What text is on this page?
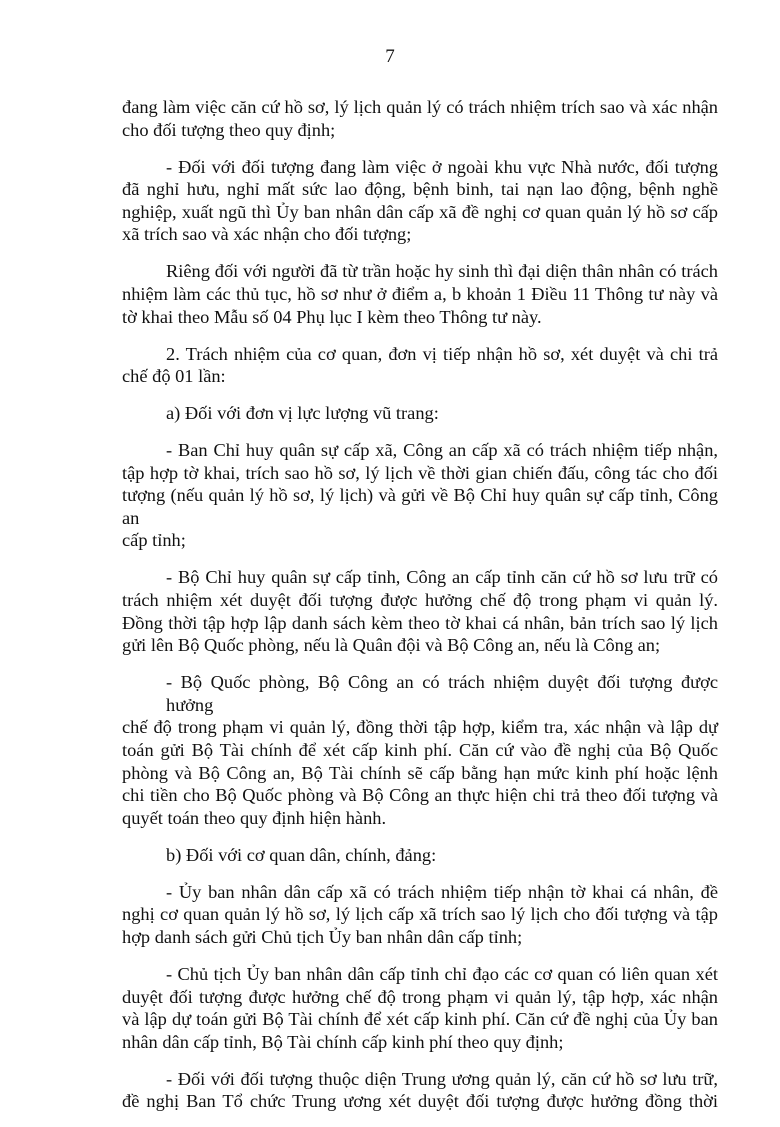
7

đang làm việc căn cứ hồ sơ, lý lịch quản lý có trách nhiệm trích sao và xác nhận
cho đối tượng theo quy định;

- Đối với đối tượng đang làm việc ở ngoài khu vực Nhà nước, đối tượng
đã nghỉ hưu, nghỉ mất sức lao động, bệnh binh, tai nạn lao động, bệnh nghề
nghiệp, xuất ngũ thì Ủy ban nhân dân cấp xã đề nghị cơ quan quản lý hồ sơ cấp
xã trích sao và xác nhận cho đối tượng;

Riêng đối với người đã từ trần hoặc hy sinh thì đại diện thân nhân có trách
nhiệm làm các thủ tục, hồ sơ như ở điểm a, b khoản 1 Điều 11 Thông tư này và
tờ khai theo Mẫu số 04 Phụ lục I kèm theo Thông tư này.

2. Trách nhiệm của cơ quan, đơn vị tiếp nhận hồ sơ, xét duyệt và chi trả
chế độ 01 lần:

a) Đối với đơn vị lực lượng vũ trang:

- Ban Chỉ huy quân sự cấp xã, Công an cấp xã có trách nhiệm tiếp nhận,
tập hợp tờ khai, trích sao hồ sơ, lý lịch về thời gian chiến đấu, công tác cho đối
tượng (nếu quản lý hồ sơ, lý lịch) và gửi về Bộ Chỉ huy quân sự cấp tỉnh, Công an
cấp tỉnh;

- Bộ Chỉ huy quân sự cấp tỉnh, Công an cấp tỉnh căn cứ hồ sơ lưu trữ có
trách nhiệm xét duyệt đối tượng được hưởng chế độ trong phạm vi quản lý.
Đồng thời tập hợp lập danh sách kèm theo tờ khai cá nhân, bản trích sao lý lịch
gửi lên Bộ Quốc phòng, nếu là Quân đội và Bộ Công an, nếu là Công an;

- Bộ Quốc phòng, Bộ Công an có trách nhiệm duyệt đối tượng được hưởng
chế độ trong phạm vi quản lý, đồng thời tập hợp, kiểm tra, xác nhận và lập dự
toán gửi Bộ Tài chính để xét cấp kinh phí. Căn cứ vào đề nghị của Bộ Quốc
phòng và Bộ Công an, Bộ Tài chính sẽ cấp bằng hạn mức kinh phí hoặc lệnh
chi tiền cho Bộ Quốc phòng và Bộ Công an thực hiện chi trả theo đối tượng và
quyết toán theo quy định hiện hành.

b) Đối với cơ quan dân, chính, đảng:

- Ủy ban nhân dân cấp xã có trách nhiệm tiếp nhận tờ khai cá nhân, đề
nghị cơ quan quản lý hồ sơ, lý lịch cấp xã trích sao lý lịch cho đối tượng và tập
hợp danh sách gửi Chủ tịch Ủy ban nhân dân cấp tỉnh;

- Chủ tịch Ủy ban nhân dân cấp tỉnh chỉ đạo các cơ quan có liên quan xét
duyệt đối tượng được hưởng chế độ trong phạm vi quản lý, tập hợp, xác nhận
và lập dự toán gửi Bộ Tài chính để xét cấp kinh phí. Căn cứ đề nghị của Ủy ban
nhân dân cấp tỉnh, Bộ Tài chính cấp kinh phí theo quy định;

- Đối với đối tượng thuộc diện Trung ương quản lý, căn cứ hồ sơ lưu trữ,
đề nghị Ban Tổ chức Trung ương xét duyệt đối tượng được hưởng đồng thời
